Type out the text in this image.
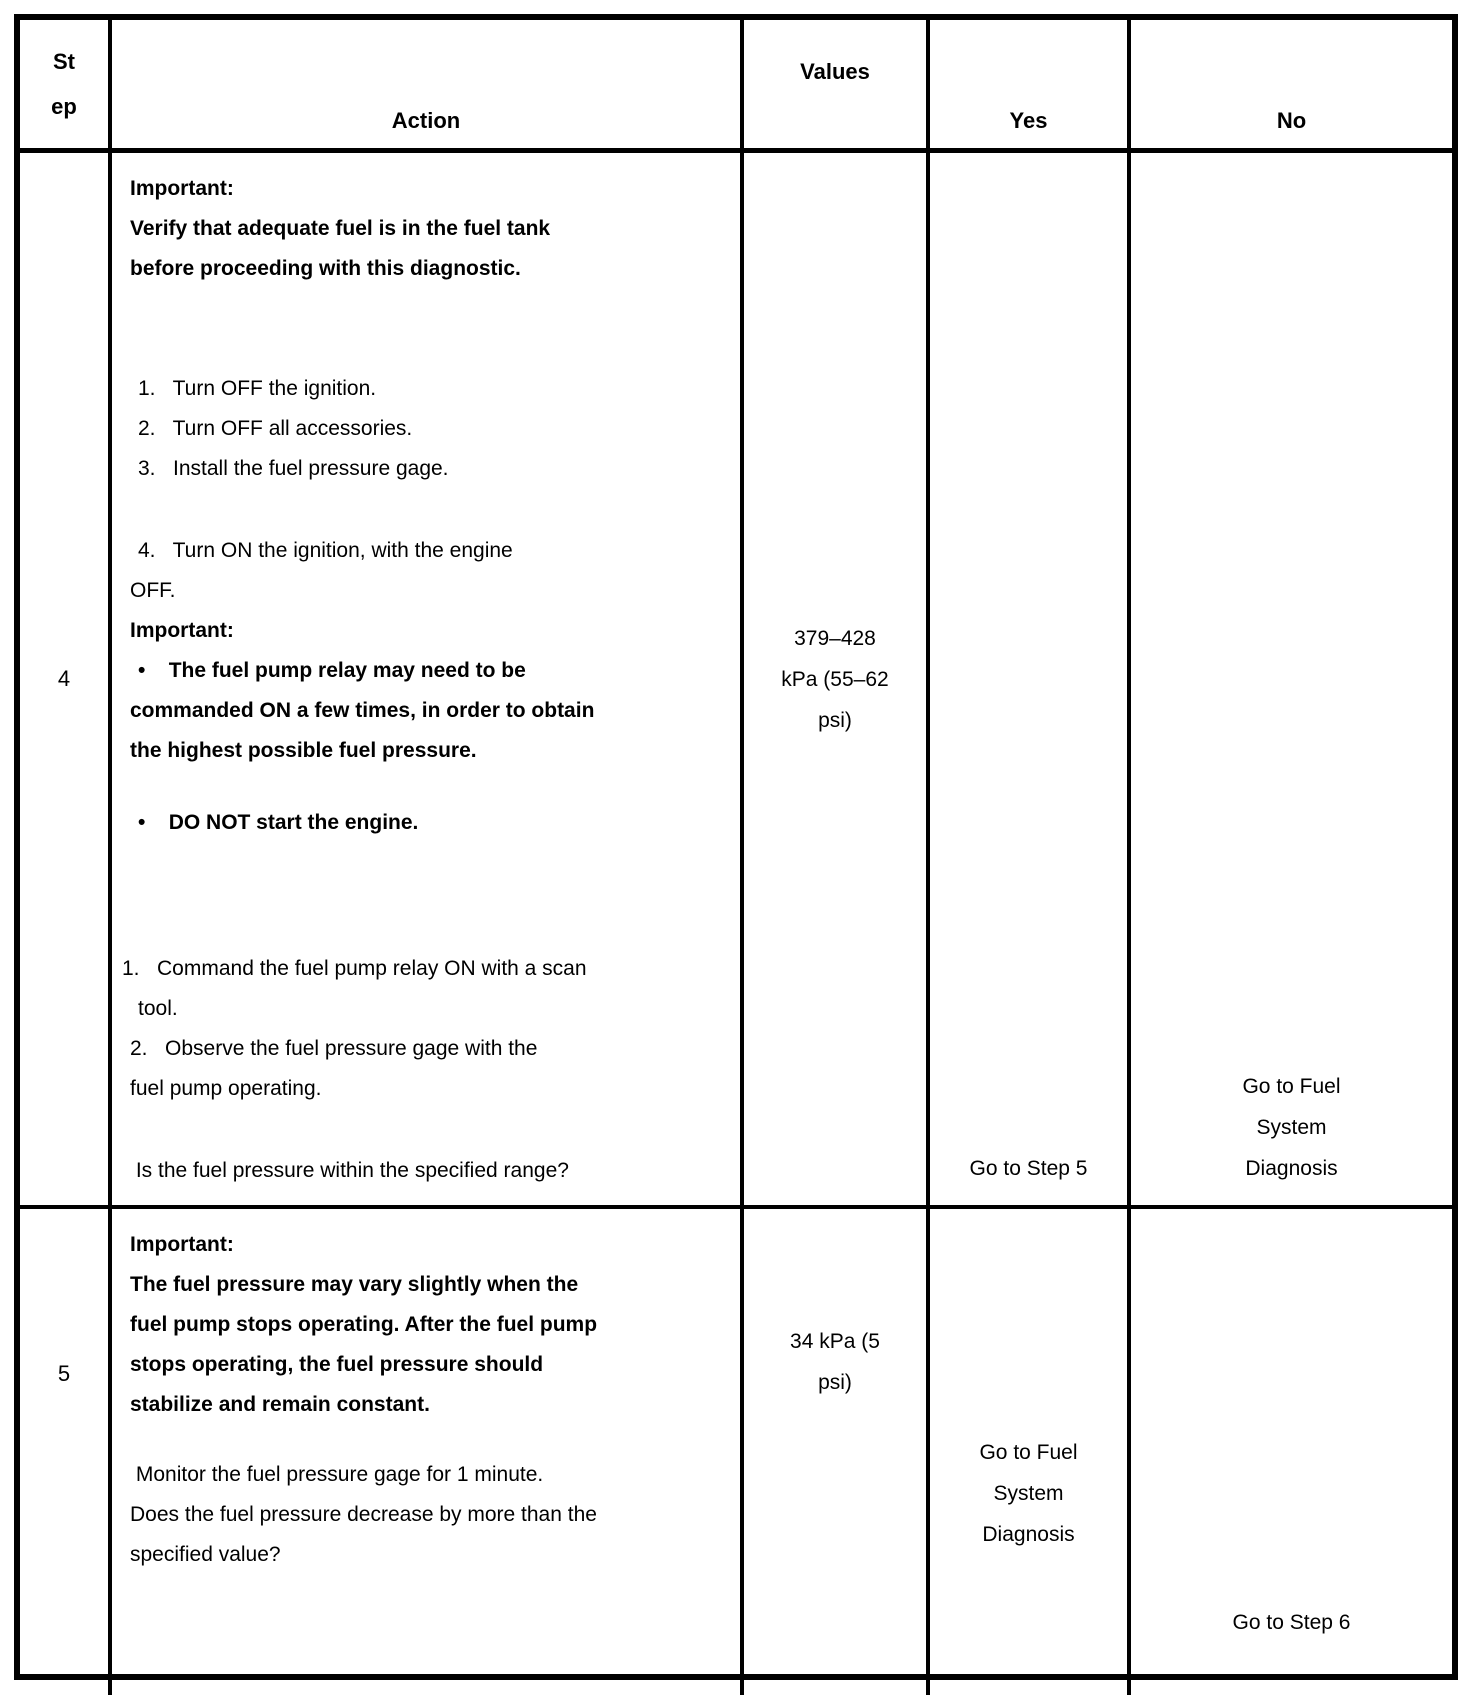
St
ep
Action
Values
Yes	No
4
Important:
Verify that adequate fuel is in the fuel tank
before proceeding with this diagnostic.
1.   Turn OFF the ignition.
2.   Turn OFF all accessories.
3.   Install the fuel pressure gage.
4.   Turn ON the ignition, with the engine
OFF.
Important:
•    The fuel pump relay may need to be
commanded ON a few times, in order to obtain
the highest possible fuel pressure.
•    DO NOT start the engine.
1.   Command the fuel pump relay ON with a scan
tool.
2.   Observe the fuel pressure gage with the
fuel pump operating.
Is the fuel pressure within the specified range?
379–428
kPa (55–62
psi)
Go to Step 5
Go to Fuel
System
Diagnosis
5
Important:
The fuel pressure may vary slightly when the
fuel pump stops operating. After the fuel pump
stops operating, the fuel pressure should
stabilize and remain constant.
Monitor the fuel pressure gage for 1 minute.
Does the fuel pressure decrease by more than the
specified value?
34 kPa (5
psi)
Go to Fuel
System
Diagnosis
Go to Step 6
